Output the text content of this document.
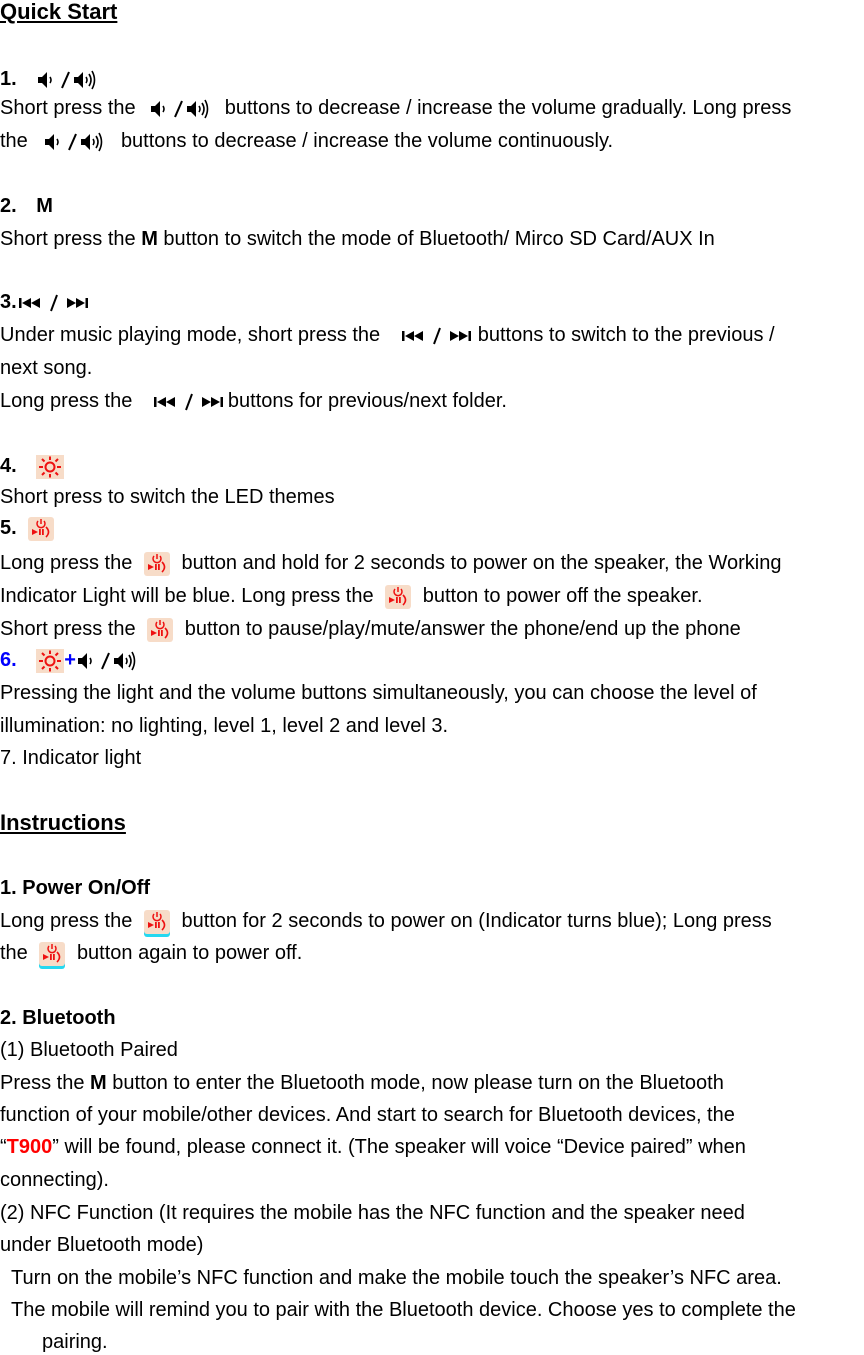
Quick Start
1.
Short press the	buttons to decrease / increase the volume gradually. Long press
the	buttons to decrease / increase the volume continuously.
2. M
Short press the M button to switch the mode of Bluetooth/ Mirco SD Card/AUX In
3.
Under music playing mode, short press the	buttons to switch to the previous /
next song.
Long press the	buttons for previous/next folder.
4.
Short press to switch the LED themes
5.
Long press the button and hold for 2 seconds to power on the speaker, the Working
Indicator Light will be blue. Long press the button to power off the speaker.
Short press the button to pause/play/mute/answer the phone/end up the phone
6. +
Pressing the light and the volume buttons simultaneously, you can choose the level of
illumination: no lighting, level 1, level 2 and level 3.
7. Indicator light
Instructions
1. Power On/Off
Long press the button for 2 seconds to power on (Indicator turns blue); Long press
the button again to power off.
2. Bluetooth
(1) Bluetooth Paired
Press the M button to enter the Bluetooth mode, now please turn on the Bluetooth
function of your mobile/other devices. And start to search for Bluetooth devices, the
“T900” will be found, please connect it. (The speaker will voice “Device paired” when
connecting).
(2) NFC Function (It requires the mobile has the NFC function and the speaker need
under Bluetooth mode)
Turn on the mobile’s NFC function and make the mobile touch the speaker’s NFC area.
The mobile will remind you to pair with the Bluetooth device. Choose yes to complete the
pairing.
